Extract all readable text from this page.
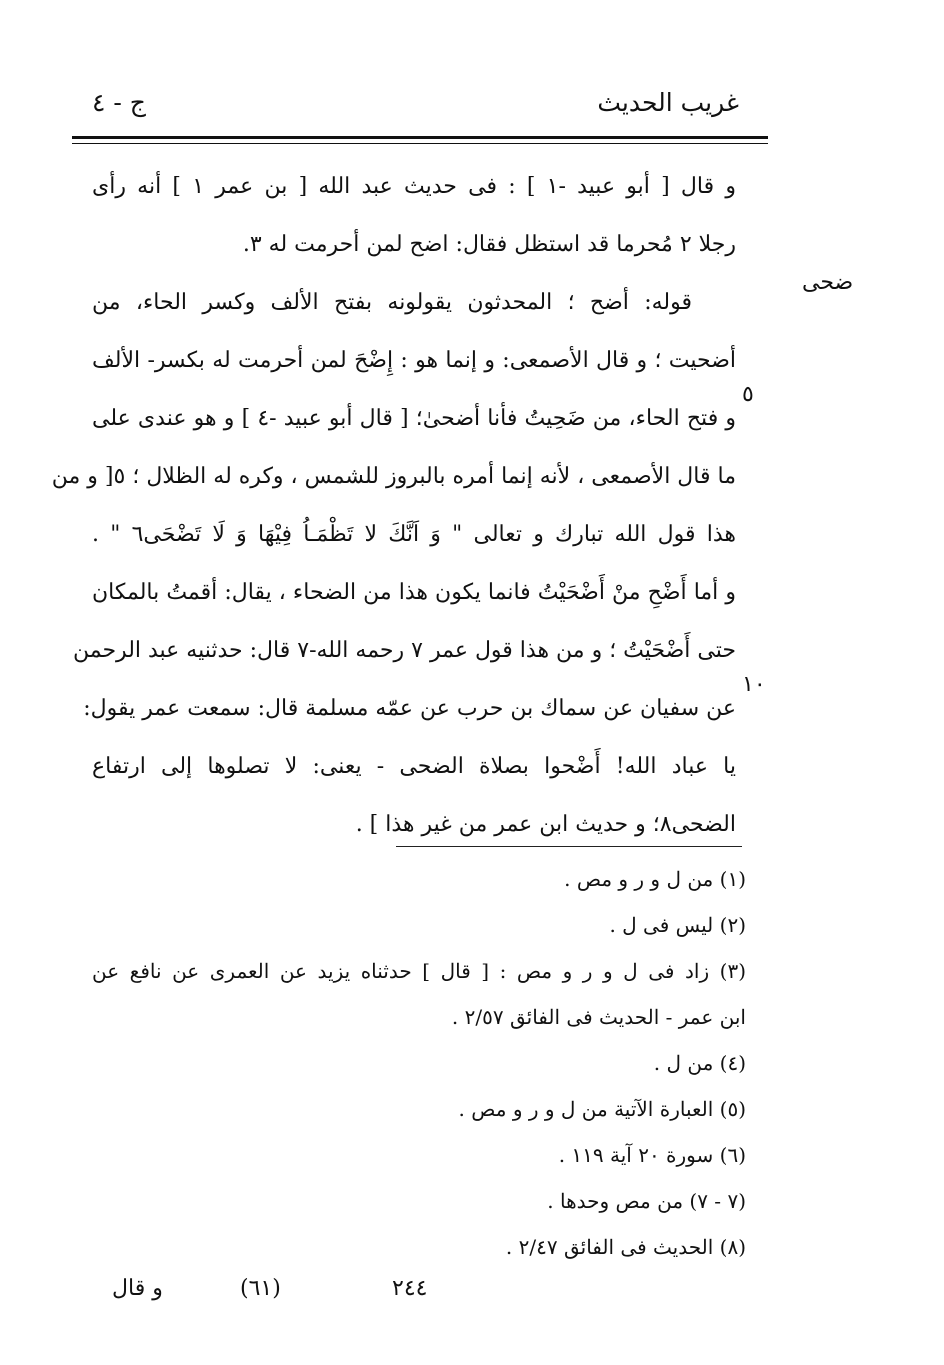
غريب الحديث
ج - ٤
ضحى
٥
١٠
و قال [ أبو عبيد -١ ] : فى حديث عبد الله [ بن عمر ١ ] أنه رأى
رجلا ٢ مُحرما قد استظل فقال: اضح لمن أحرمت له ٣.
قوله: أضح ؛ المحدثون يقولونه بفتح الألف وكسر الحاء، من
أضحيت ؛ و قال الأصمعى: و إنما هو : إِضْحَ لمن أحرمت له بكسر- الألف
و فتح الحاء، من ضَحِيتُ فأنا أضحىٰ؛ [ قال أبو عبيد -٤ ] و هو عندى على
ما قال الأصمعى ، لأنه إنما أمره بالبروز للشمس ، وكره له الظلال ؛ ٥[ و من
هذا قول الله تبارك و تعالى " وَ اَنَّكَ لا تَظْمَـاُ فِيْهَا وَ لَا تَضْحَى٦ " .
و أما أَضْحِ منْ أَضْحَيْتُ فانما يكون هذا من الضحاء ، يقال: أقمتُ بالمكان
حتى أَضْحَيْتُ ؛ و من هذا قول عمر ٧ رحمه الله-٧ قال: حدثنيه عبد الرحمن
عن سفيان عن سماك بن حرب عن عمّه مسلمة قال: سمعت عمر يقول:
يا عباد الله! أَضْحوا بصلاة الضحى - يعنى: لا تصلوها إلى ارتفاع
الضحى٨؛ و حديث ابن عمر من غير هذا ] .
(١) من ل و ر و مص .
(٢) ليس فى ل .
(٣) زاد فى ل و ر و مص : [ قال ] حدثناه يزيد عن العمرى عن نافع عن
ابن عمر - الحديث فى الفائق ٢/٥٧ .
(٤) من ل .
(٥) العبارة الآتية من ل و ر و مص .
(٦) سورة ٢٠ آية ١١٩ .
(٧ - ٧) من مص وحدها .
(٨) الحديث فى الفائق ٢/٤٧ .
٢٤٤
(٦١)
و قال
